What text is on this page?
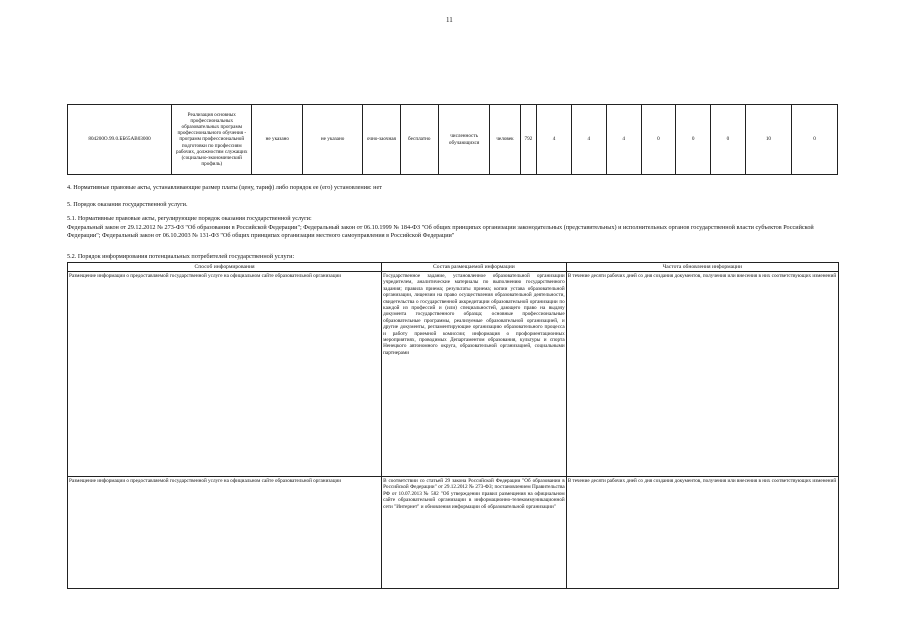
11
804200О.99.0.ББ65АВ03000	Реализация основных профессиональных образовательных программ профессионального обучения - программ профессиональной подготовки по профессиям рабочих, должностям служащих (социально-экономический профиль)	не указано	не указано	очно-заочная	бесплатно	численность обучающихся	человек	792	4	4	4	0	0	0	10	0
4. Нормативные правовые акты, устанавливающие размер платы (цену, тариф) либо порядок ее (его) установления: нет
5. Порядок оказания государственной услуги.
5.1. Нормативные правовые акты, регулирующие порядок оказания государственной услуги:
Федеральный закон от 29.12.2012 № 273-ФЗ "Об образовании в Российской Федерации"; Федеральный закон от 06.10.1999 № 184-ФЗ "Об общих принципах организации законодательных (представительных) и исполнительных органов государственной власти субъектов Российской Федерации"; Федеральный закон от 06.10.2003 № 131-ФЗ "Об общих принципах организации местного самоуправления в Российской Федерации"
5.2. Порядок информирования потенциальных потребителей государственной услуги:
Способ информирования	Состав размещаемой информации	Частота обновления информации
Размещение информации о предоставляемой государственной услуге на официальном сайте образовательной организации	Государственное задание, установленное образовательной организации учредителем, аналитические материалы по выполнению государственного задания; правила приема; результаты приема; копии устава образовательной организации, лицензии на право осуществления образовательной деятельности, свидетельства о государственной аккредитации образовательной организации по каждой из профессий и (или) специальностей, дающего право на выдачу документа государственного образца; основные профессиональные образовательные программы, реализуемые образовательной организацией, и другие документы, регламентирующие организацию образовательного процесса и работу приемной комиссии; информация о профориентационных мероприятиях, проводимых Департаментом образования, культуры и спорта Ненецкого автономного округа, образовательной организацией, социальными партнерами	В течение десяти рабочих дней со дня создания документов, получения или внесения в них соответствующих изменений
Размещение информации о предоставляемой государственной услуге на официальном сайте образовательной организации	В соответствии со статьей 29 закона Российской Федерации "Об образовании в Российской Федерации" от 29.12.2012 № 273-ФЗ; постановлением Правительства РФ от 10.07.2013 № 582 "Об утверждении правил размещения на официальном сайте образовательной организации в информационно-телекоммуникационной сети "Интернет" и обновления информации об образовательной организации"	В течение десяти рабочих дней со дня создания документов, получения или внесения в них соответствующих изменений
